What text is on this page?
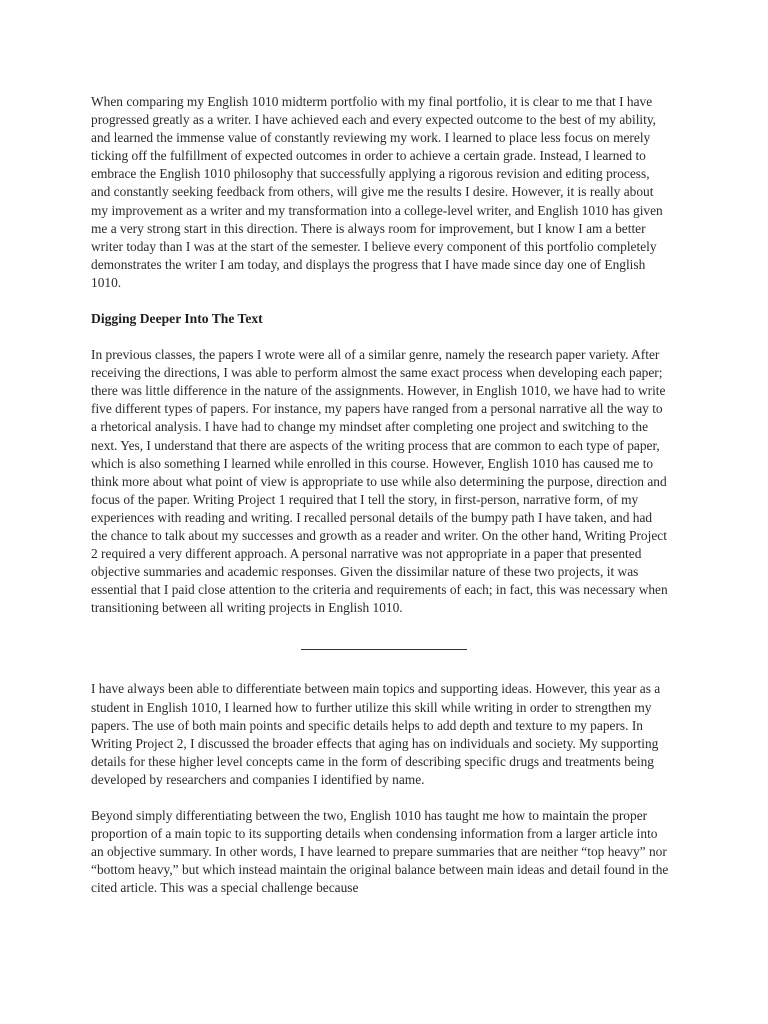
When comparing my English 1010 midterm portfolio with my final portfolio, it is clear to me that I have progressed greatly as a writer. I have achieved each and every expected outcome to the best of my ability, and learned the immense value of constantly reviewing my work. I learned to place less focus on merely ticking off the fulfillment of expected outcomes in order to achieve a certain grade. Instead, I learned to embrace the English 1010 philosophy that successfully applying a rigorous revision and editing process, and constantly seeking feedback from others, will give me the results I desire. However, it is really about my improvement as a writer and my transformation into a college-level writer, and English 1010 has given me a very strong start in this direction. There is always room for improvement, but I know I am a better writer today than I was at the start of the semester. I believe every component of this portfolio completely demonstrates the writer I am today, and displays the progress that I have made since day one of English 1010.

Digging Deeper Into The Text

In previous classes, the papers I wrote were all of a similar genre, namely the research paper variety. After receiving the directions, I was able to perform almost the same exact process when developing each paper; there was little difference in the nature of the assignments. However, in English 1010, we have had to write five different types of papers. For instance, my papers have ranged from a personal narrative all the way to a rhetorical analysis. I have had to change my mindset after completing one project and switching to the next. Yes, I understand that there are aspects of the writing process that are common to each type of paper, which is also something I learned while enrolled in this course. However, English 1010 has caused me to think more about what point of view is appropriate to use while also determining the purpose, direction and focus of the paper. Writing Project 1 required that I tell the story, in first-person, narrative form, of my experiences with reading and writing. I recalled personal details of the bumpy path I have taken, and had the chance to talk about my successes and growth as a reader and writer. On the other hand, Writing Project 2 required a very different approach. A personal narrative was not appropriate in a paper that presented objective summaries and academic responses. Given the dissimilar nature of these two projects, it was essential that I paid close attention to the criteria and requirements of each; in fact, this was necessary when transitioning between all writing projects in English 1010.

I have always been able to differentiate between main topics and supporting ideas. However, this year as a student in English 1010, I learned how to further utilize this skill while writing in order to strengthen my papers. The use of both main points and specific details helps to add depth and texture to my papers. In Writing Project 2, I discussed the broader effects that aging has on individuals and society. My supporting details for these higher level concepts came in the form of describing specific drugs and treatments being developed by researchers and companies I identified by name.

Beyond simply differentiating between the two, English 1010 has taught me how to maintain the proper proportion of a main topic to its supporting details when condensing information from a larger article into an objective summary. In other words, I have learned to prepare summaries that are neither “top heavy” nor “bottom heavy,” but which instead maintain the original balance between main ideas and detail found in the cited article. This was a special challenge because
